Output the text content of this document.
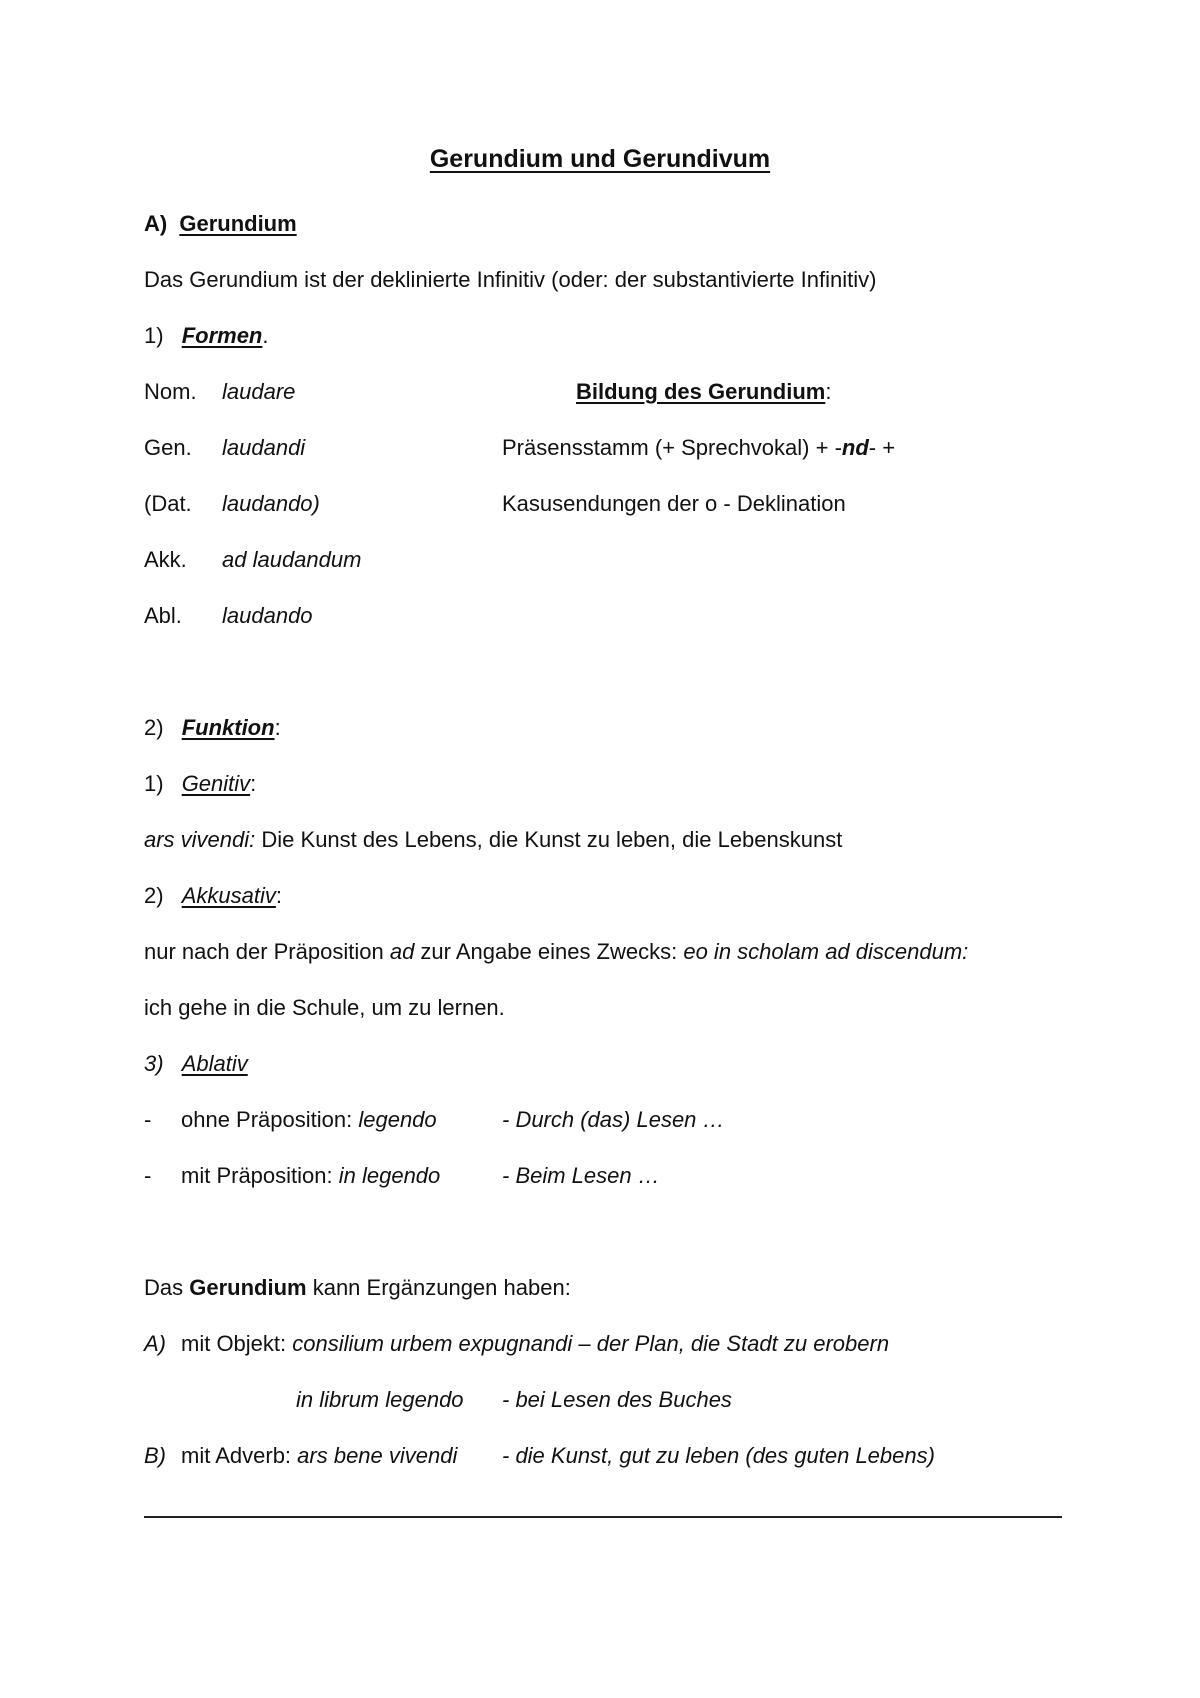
Gerundium und Gerundivum
A) Gerundium
Das Gerundium ist der deklinierte Infinitiv (oder: der substantivierte Infinitiv)
1) Formen.
Nom. laudare
Gen. laudandi
(Dat. laudando)
Akk. ad laudandum
Abl. laudando
Bildung des Gerundium:
Präsensstamm (+ Sprechvokal) + -nd- +
Kasusendungen der o - Deklination
2) Funktion:
1) Genitiv:
ars vivendi: Die Kunst des Lebens, die Kunst zu leben, die Lebenskunst
2) Akkusativ:
nur nach der Präposition ad zur Angabe eines Zwecks: eo in scholam ad discendum:
ich gehe in die Schule, um zu lernen.
3) Ablativ
- ohne Präposition: legendo	- Durch (das) Lesen …
- mit Präposition: in legendo	- Beim Lesen …
Das Gerundium kann Ergänzungen haben:
A) mit Objekt: consilium urbem expugnandi – der Plan, die Stadt zu erobern
in librum legendo - bei Lesen des Buches
B) mit Adverb: ars bene vivendi - die Kunst, gut zu leben (des guten Lebens)
